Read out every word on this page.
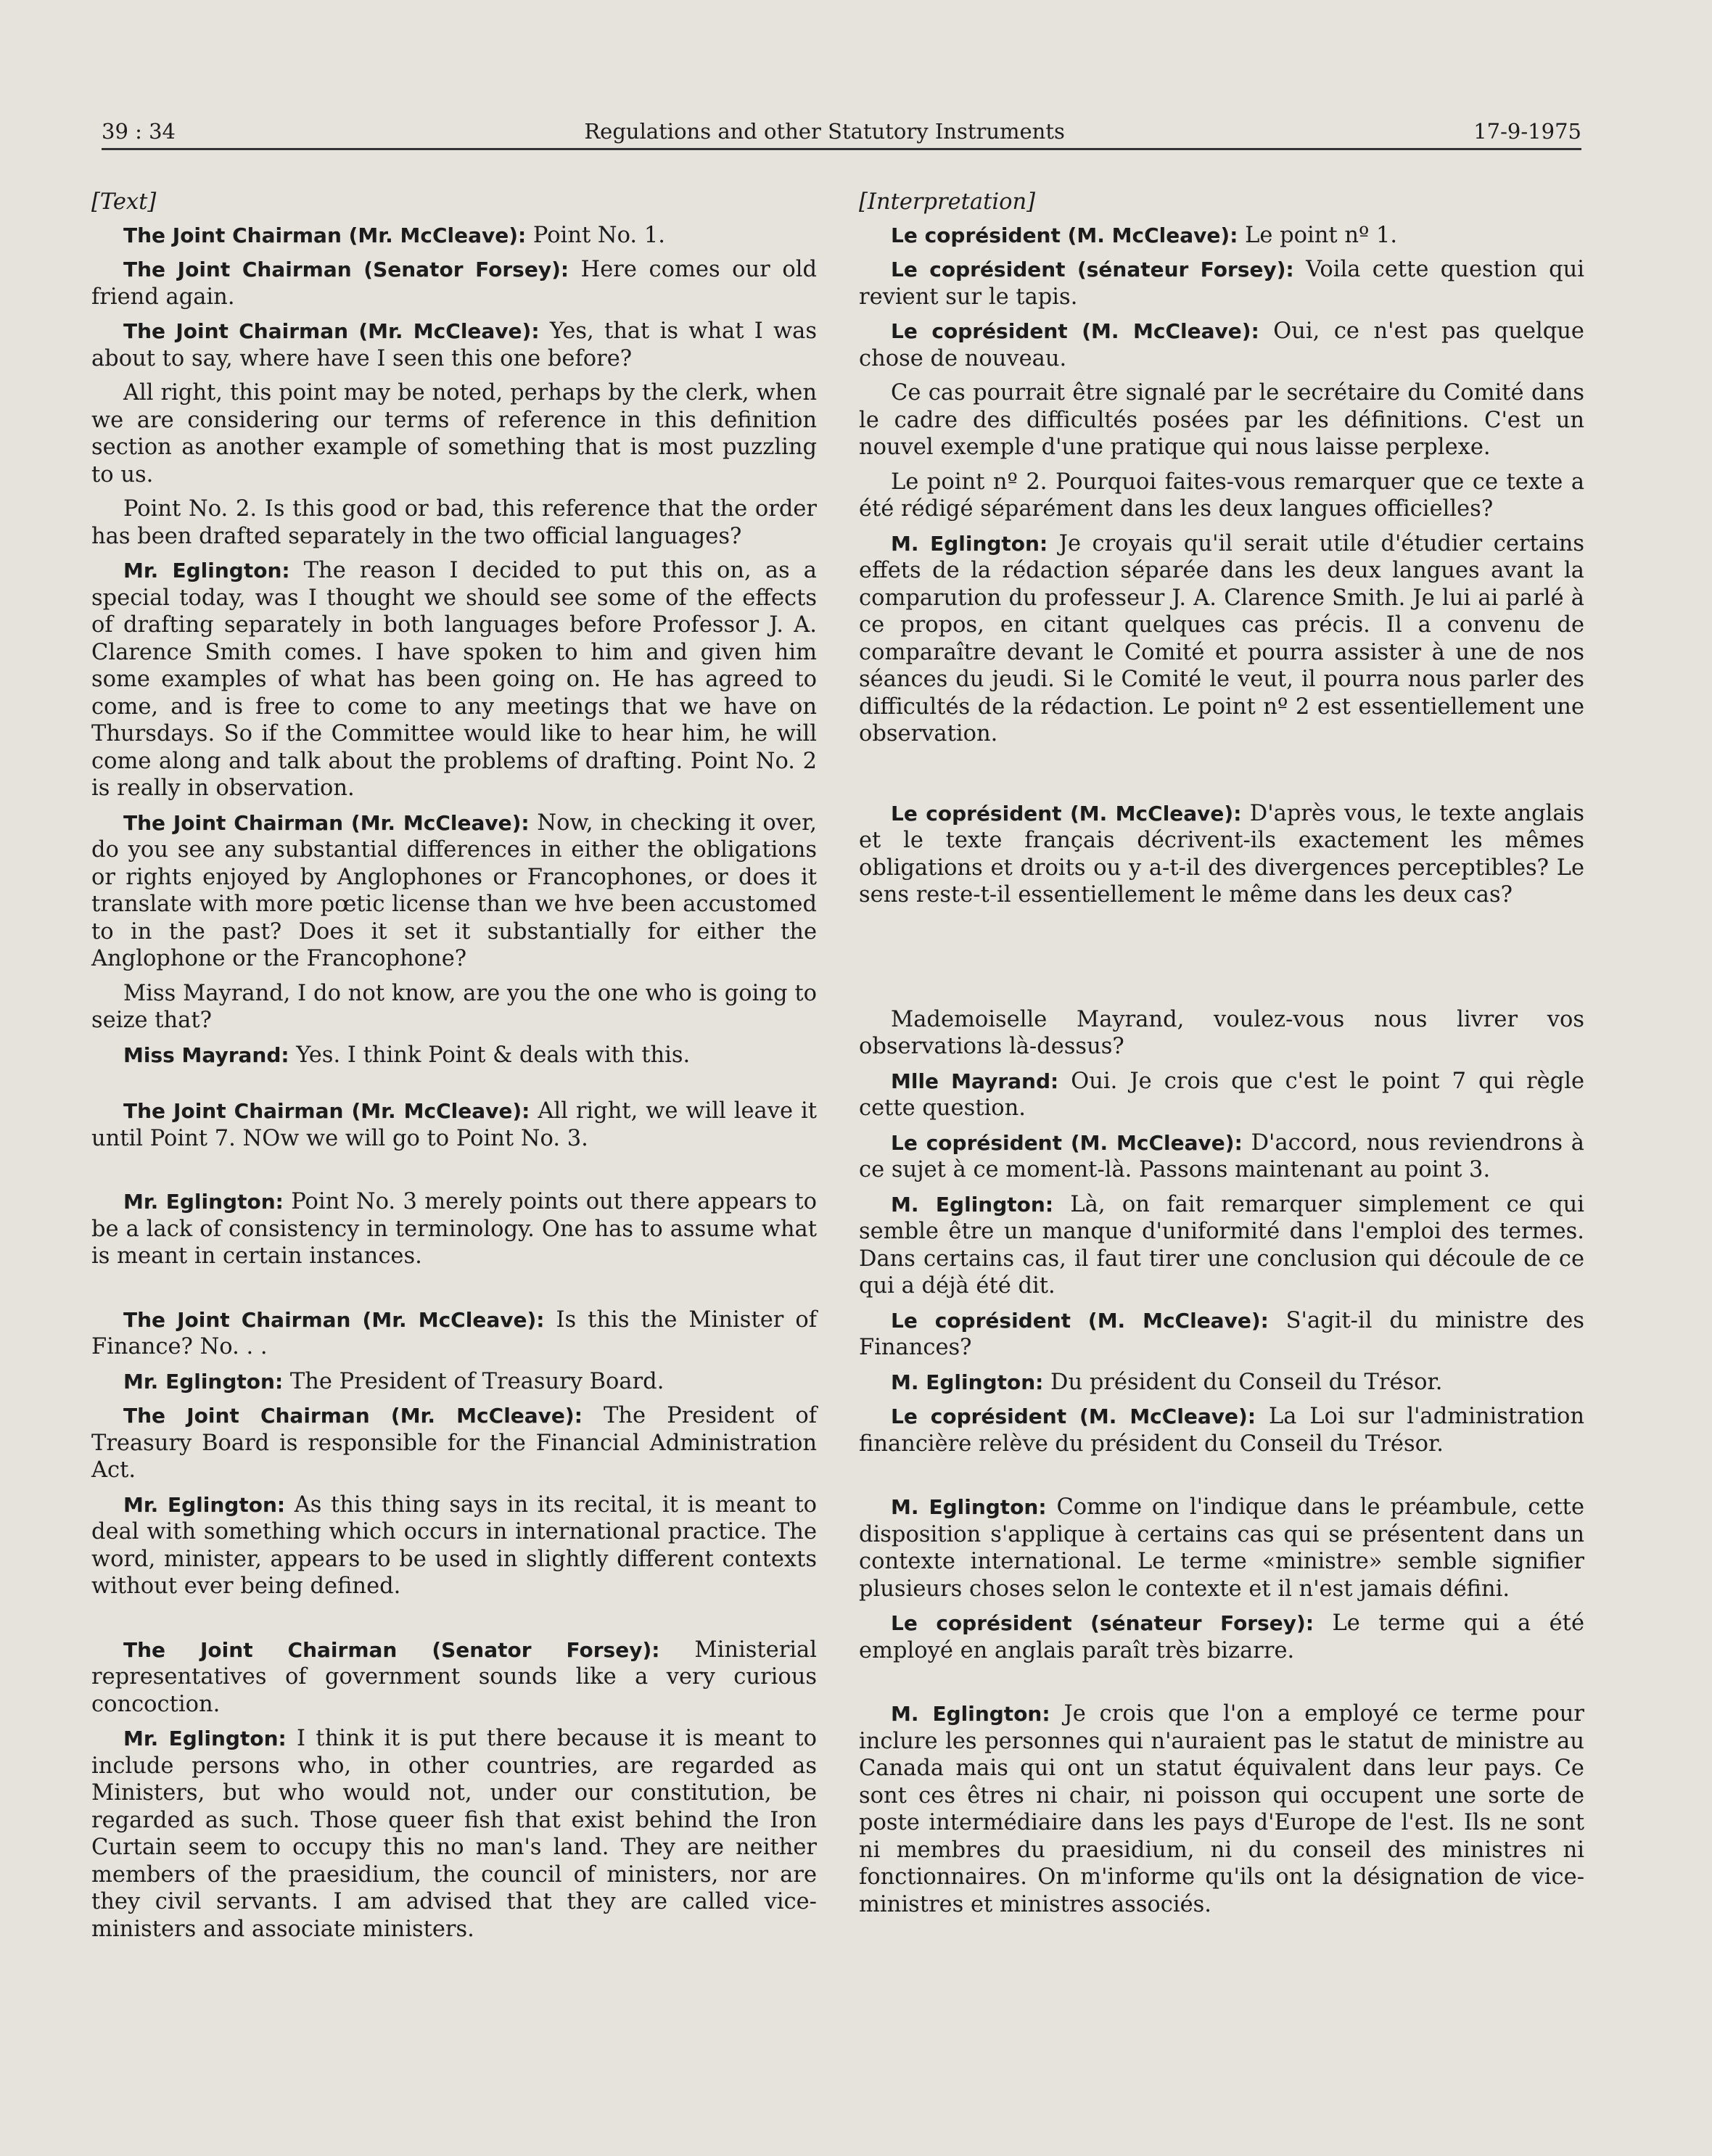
39 : 34	Regulations and other Statutory Instruments	17-9-1975

[Text]

The Joint Chairman (Mr. McCleave): Point No. 1.

The Joint Chairman (Senator Forsey): Here comes our old friend again.

The Joint Chairman (Mr. McCleave): Yes, that is what I was about to say, where have I seen this one before?

All right, this point may be noted, perhaps by the clerk, when we are considering our terms of reference in this definition section as another example of something that is most puzzling to us.

Point No. 2. Is this good or bad, this reference that the order has been drafted separately in the two official languages?

Mr. Eglington: The reason I decided to put this on, as a special today, was I thought we should see some of the effects of drafting separately in both languages before Professor J. A. Clarence Smith comes. I have spoken to him and given him some examples of what has been going on. He has agreed to come, and is free to come to any meetings that we have on Thursdays. So if the Committee would like to hear him, he will come along and talk about the problems of drafting. Point No. 2 is really in observation.

The Joint Chairman (Mr. McCleave): Now, in checking it over, do you see any substantial differences in either the obligations or rights enjoyed by Anglophones or Francophones, or does it translate with more pœtic license than we hve been accustomed to in the past? Does it set it substantially for either the Anglophone or the Francophone?

Miss Mayrand, I do not know, are you the one who is going to seize that?

Miss Mayrand: Yes. I think Point & deals with this.

The Joint Chairman (Mr. McCleave): All right, we will leave it until Point 7. NOw we will go to Point No. 3.

Mr. Eglington: Point No. 3 merely points out there appears to be a lack of consistency in terminology. One has to assume what is meant in certain instances.

The Joint Chairman (Mr. McCleave): Is this the Minister of Finance? No. . .

Mr. Eglington: The President of Treasury Board.

The Joint Chairman (Mr. McCleave): The President of Treasury Board is responsible for the Financial Administration Act.

Mr. Eglington: As this thing says in its recital, it is meant to deal with something which occurs in international practice. The word, minister, appears to be used in slightly different contexts without ever being defined.

The Joint Chairman (Senator Forsey): Ministerial representatives of government sounds like a very curious concoction.

Mr. Eglington: I think it is put there because it is meant to include persons who, in other countries, are regarded as Ministers, but who would not, under our constitution, be regarded as such. Those queer fish that exist behind the Iron Curtain seem to occupy this no man's land. They are neither members of the praesidium, the council of ministers, nor are they civil servants. I am advised that they are called vice-ministers and associate ministers.

[Interpretation]

Le coprésident (M. McCleave): Le point nº 1.

Le coprésident (sénateur Forsey): Voila cette question qui revient sur le tapis.

Le coprésident (M. McCleave): Oui, ce n'est pas quelque chose de nouveau.

Ce cas pourrait être signalé par le secrétaire du Comité dans le cadre des difficultés posées par les définitions. C'est un nouvel exemple d'une pratique qui nous laisse perplexe.

Le point nº 2. Pourquoi faites-vous remarquer que ce texte a été rédigé séparément dans les deux langues officielles?

M. Eglington: Je croyais qu'il serait utile d'étudier certains effets de la rédaction séparée dans les deux langues avant la comparution du professeur J. A. Clarence Smith. Je lui ai parlé à ce propos, en citant quelques cas précis. Il a convenu de comparaître devant le Comité et pourra assister à une de nos séances du jeudi. Si le Comité le veut, il pourra nous parler des difficultés de la rédaction. Le point nº 2 est essentiellement une observation.

Le coprésident (M. McCleave): D'après vous, le texte anglais et le texte français décrivent-ils exactement les mêmes obligations et droits ou y a-t-il des divergences perceptibles? Le sens reste-t-il essentiellement le même dans les deux cas?

Mademoiselle Mayrand, voulez-vous nous livrer vos observations là-dessus?

Mlle Mayrand: Oui. Je crois que c'est le point 7 qui règle cette question.

Le coprésident (M. McCleave): D'accord, nous reviendrons à ce sujet à ce moment-là. Passons maintenant au point 3.

M. Eglington: Là, on fait remarquer simplement ce qui semble être un manque d'uniformité dans l'emploi des termes. Dans certains cas, il faut tirer une conclusion qui découle de ce qui a déjà été dit.

Le coprésident (M. McCleave): S'agit-il du ministre des Finances?

M. Eglington: Du président du Conseil du Trésor.

Le coprésident (M. McCleave): La Loi sur l'administration financière relève du président du Conseil du Trésor.

M. Eglington: Comme on l'indique dans le préambule, cette disposition s'applique à certains cas qui se présentent dans un contexte international. Le terme «ministre» semble signifier plusieurs choses selon le contexte et il n'est jamais défini.

Le coprésident (sénateur Forsey): Le terme qui a été employé en anglais paraît très bizarre.

M. Eglington: Je crois que l'on a employé ce terme pour inclure les personnes qui n'auraient pas le statut de ministre au Canada mais qui ont un statut équivalent dans leur pays. Ce sont ces êtres ni chair, ni poisson qui occupent une sorte de poste intermédiaire dans les pays d'Europe de l'est. Ils ne sont ni membres du praesidium, ni du conseil des ministres ni fonctionnaires. On m'informe qu'ils ont la désignation de vice-ministres et ministres associés.
